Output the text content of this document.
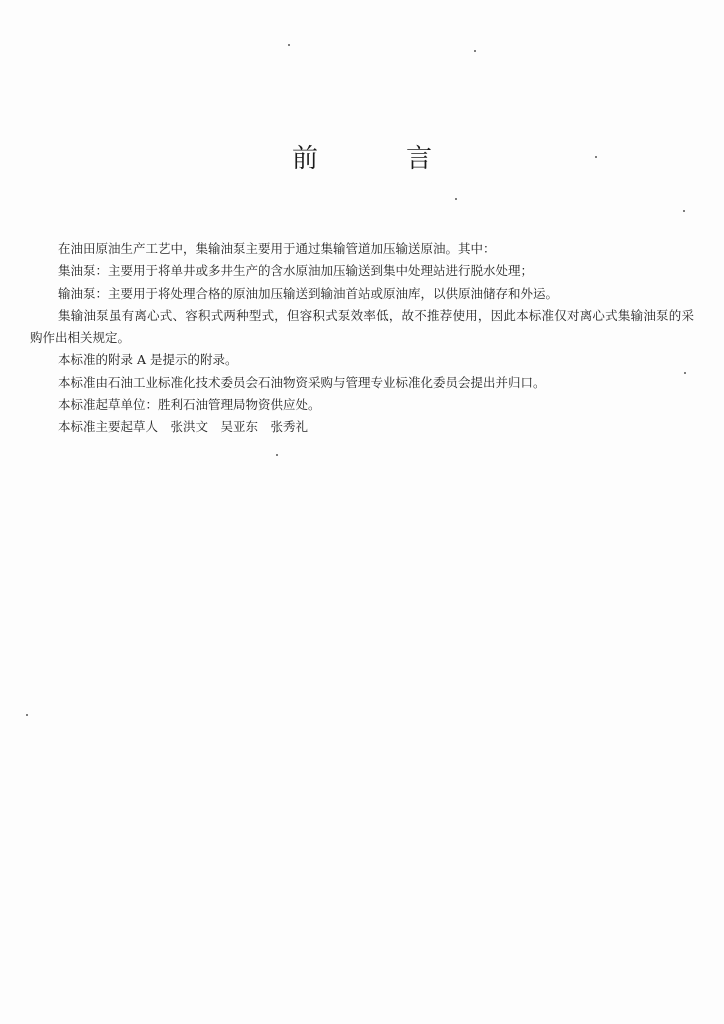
前	言

在油田原油生产工艺中，集输油泵主要用于通过集输管道加压输送原油。其中：

集油泵：主要用于将单井或多井生产的含水原油加压输送到集中处理站进行脱水处理；

输油泵：主要用于将处理合格的原油加压输送到输油首站或原油库，以供原油储存和外运。

集输油泵虽有离心式、容积式两种型式，但容积式泵效率低，故不推荐使用，因此本标准仅对离心式集输油泵的采购作出相关规定。

本标准的附录 A 是提示的附录。

本标准由石油工业标准化技术委员会石油物资采购与管理专业标准化委员会提出并归口。

本标准起草单位：胜利石油管理局物资供应处。

本标准主要起草人　张洪文　吴亚东　张秀礼
